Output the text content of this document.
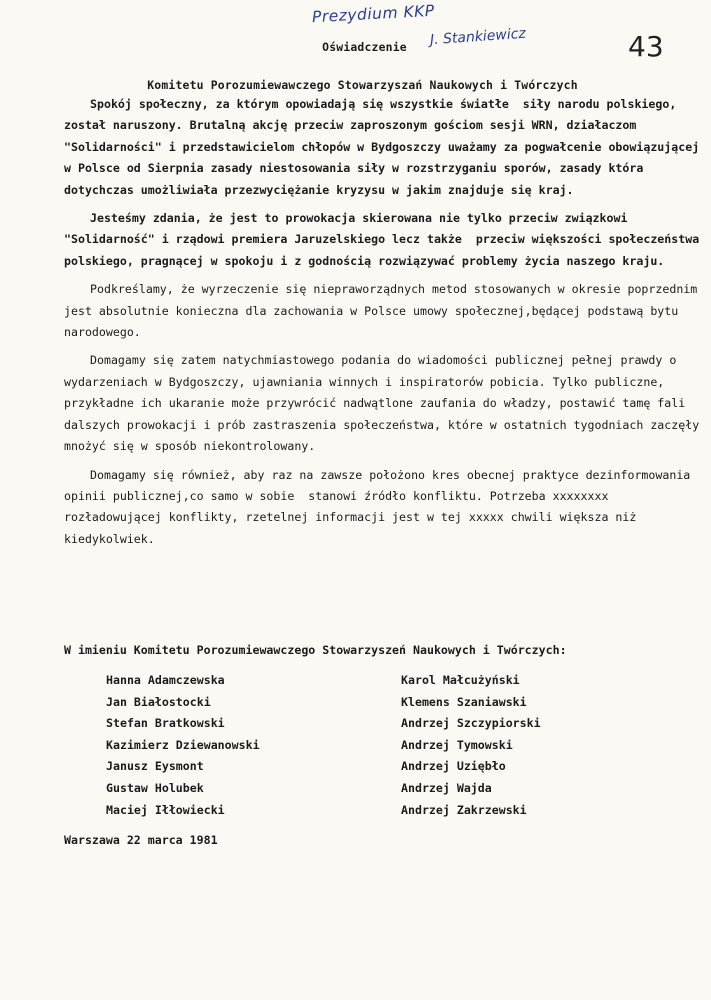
Prezydium KKP
J. Stankiewicz	43
Oświadczenie
Komitetu Porozumiewawczego Stowarzyszań Naukowych i Twórczych

Spokój społeczny, za którym opowiadają się wszystkie światłe  siły narodu polskiego, został naruszony. Brutalną akcję przeciw zaproszonym gościom sesji WRN, działaczom "Solidarności" i przedstawicielom chłopów w Bydgoszczy uważamy za pogwałcenie obowiązującej w Polsce od Sierpnia zasady niestosowania siły w rozstrzyganiu sporów, zasady która dotychczas umożliwiała przezwyciężanie kryzysu w jakim znajduje się kraj.

Jesteśmy zdania, że jest to prowokacja skierowana nie tylko przeciw związkowi "Solidarność" i rządowi premiera Jaruzelskiego lecz także  przeciw większości społeczeństwa polskiego, pragnącej w spokoju i z godnością rozwiązywać problemy życia naszego kraju.

Podkreślamy, że wyrzeczenie się niepraworządnych metod stosowanych w okresie poprzednim jest absolutnie konieczna dla zachowania w Polsce umowy społecznej,będącej podstawą bytu narodowego.

Domagamy się zatem natychmiastowego podania do wiadomości publicznej pełnej prawdy o wydarzeniach w Bydgoszczy, ujawniania winnych i inspiratorów pobicia. Tylko publiczne, przykładne ich ukaranie może przywrócić nadwątlone zaufania do władzy, postawić tamę fali dalszych prowokacji i prób zastraszenia społeczeństwa, które w ostatnich tygodniach zaczęły mnożyć się w sposób niekontrolowany.

Domagamy się również, aby raz na zawsze położono kres obecnej praktyce dezinformowania opinii publicznej,co samo w sobie  stanowi źródło konfliktu. Potrzeba xxxxxxxx rozładowującej konflikty, rzetelnej informacji jest w tej xxxxx chwili większa niż kiedykolwiek.

W imieniu Komitetu Porozumiewawczego Stowarzyszeń Naukowych i Twórczych:
Hanna Adamczewska
Jan Białostocki
Stefan Bratkowski
Kazimierz Dziewanowski
Janusz Eysmont
Gustaw Holubek
Maciej Iłłowiecki
Karol Małcużyński
Klemens Szaniawski
Andrzej Szczypiorski
Andrzej Tymowski
Andrzej Uziębło
Andrzej Wajda
Andrzej Zakrzewski
Warszawa 22 marca 1981
